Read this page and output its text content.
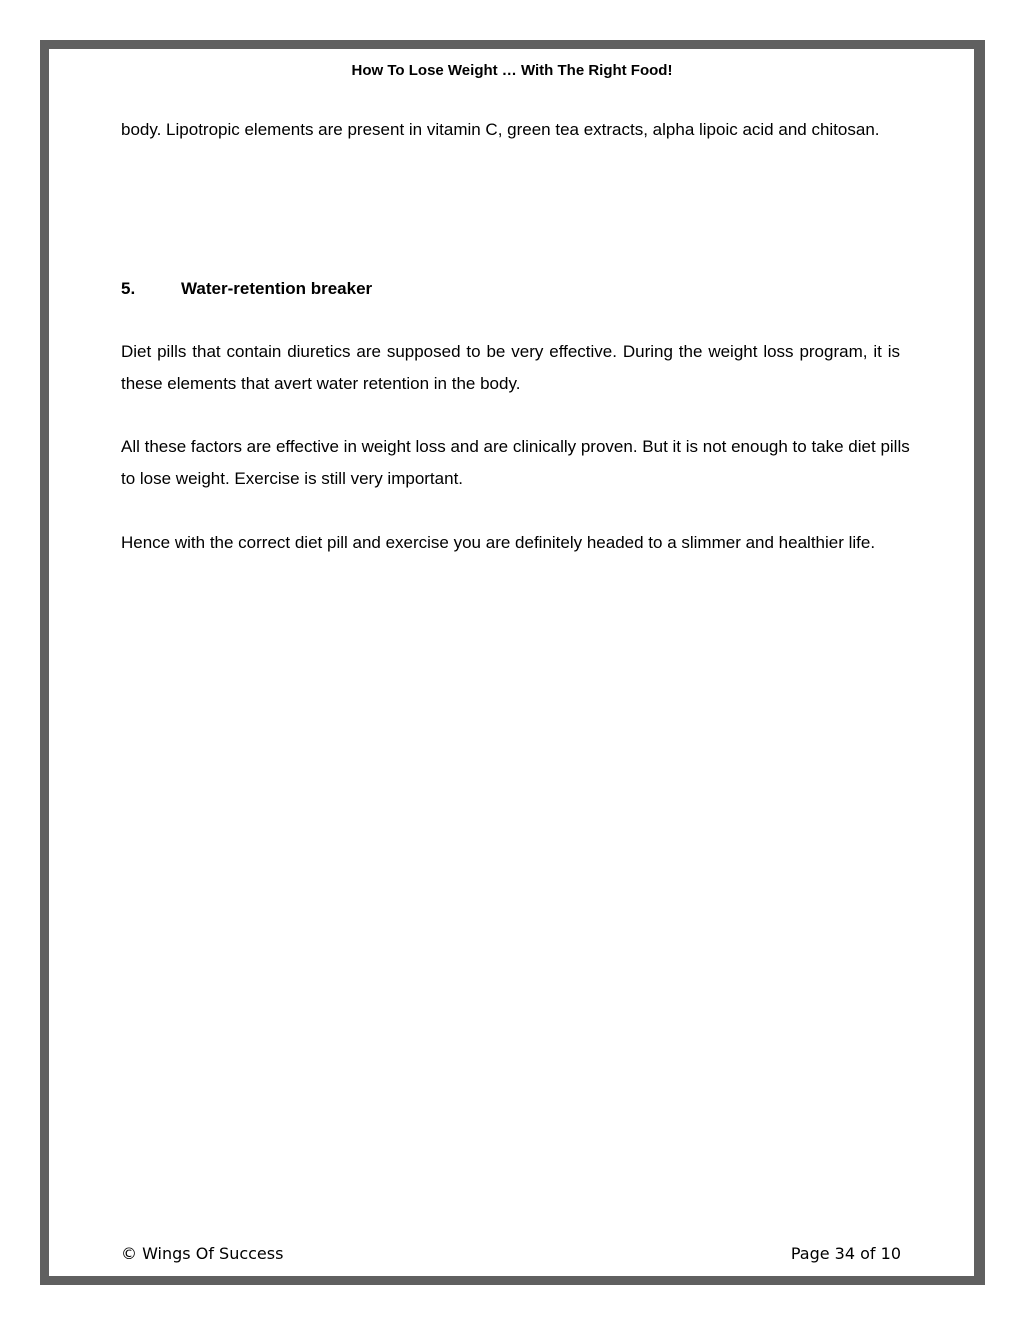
How To Lose Weight … With The Right Food!

body. Lipotropic elements are present in vitamin C, green tea extracts, alpha lipoic acid and chitosan.

5.	Water-retention breaker

Diet pills that contain diuretics are supposed to be very effective. During the weight loss program, it is these elements that avert water retention in the body.

All these factors are effective in weight loss and are clinically proven. But it is not enough to take diet pills to lose weight. Exercise is still very important.

Hence with the correct diet pill and exercise you are definitely headed to a slimmer and healthier life.

© Wings Of Success	Page 34 of 10
